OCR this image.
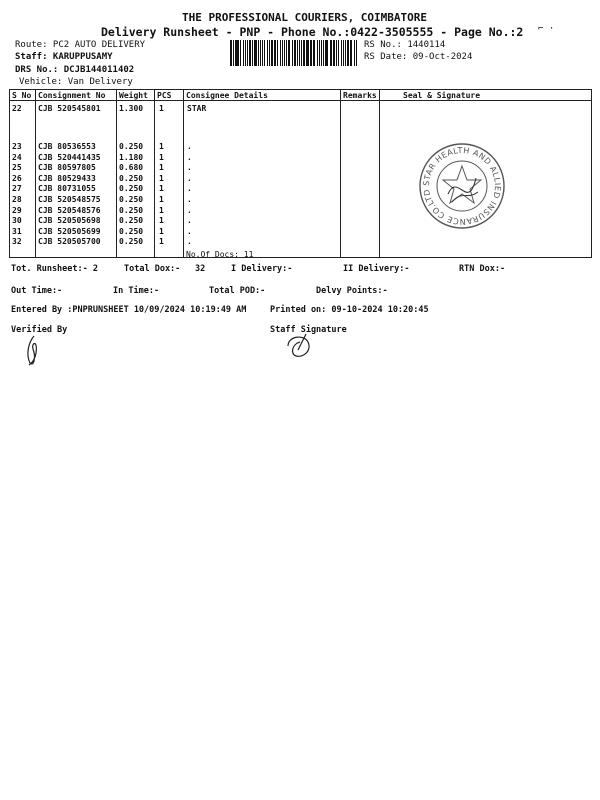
THE PROFESSIONAL COURIERS, COIMBATORE
Delivery Runsheet - PNP - Phone No.:0422-3505555 - Page No.:2 ⌐ ·
Route: PC2 AUTO DELIVERY
Staff: KARUPPUSAMY
DRS No.: DCJB144011402
Vehicle: Van Delivery
RS No.: 1440114
RS Date: 09-Oct-2024
S No Consignment No Weight PCS Consignee Details	Remarks	Seal & Signature
22 CJB 520545801 1.300 1	STAR
23 CJB 80536553	0.250 1	.
24 CJB 520441435 1.180 1	.
25 CJB 80597805	0.680 1	.
26 CJB 80529433	0.250 1	.
27 CJB 80731055	0.250 1	.
28 CJB 520548575 0.250 1	.
29 CJB 520548576 0.250 1	.
30 CJB 520505698 0.250 1	.
31 CJB 520505699 0.250 1	.
32 CJB 520505700 0.250 1	.
No.Of Docs: 11
STAR HEALTH AND ALLIED INSURANCE CO.LTD
Tot. Runsheet:- 2	Total Dox:- 32	I Delivery:-	II Delivery:-	RTN Dox:-
Out Time:-	In Time:-	Total POD:-	Delvy Points:-
Entered By :PNPRUNSHEET 10/09/2024 10:19:49 AM	Printed on: 09-10-2024 10:20:45
Verified By	Staff Signature
